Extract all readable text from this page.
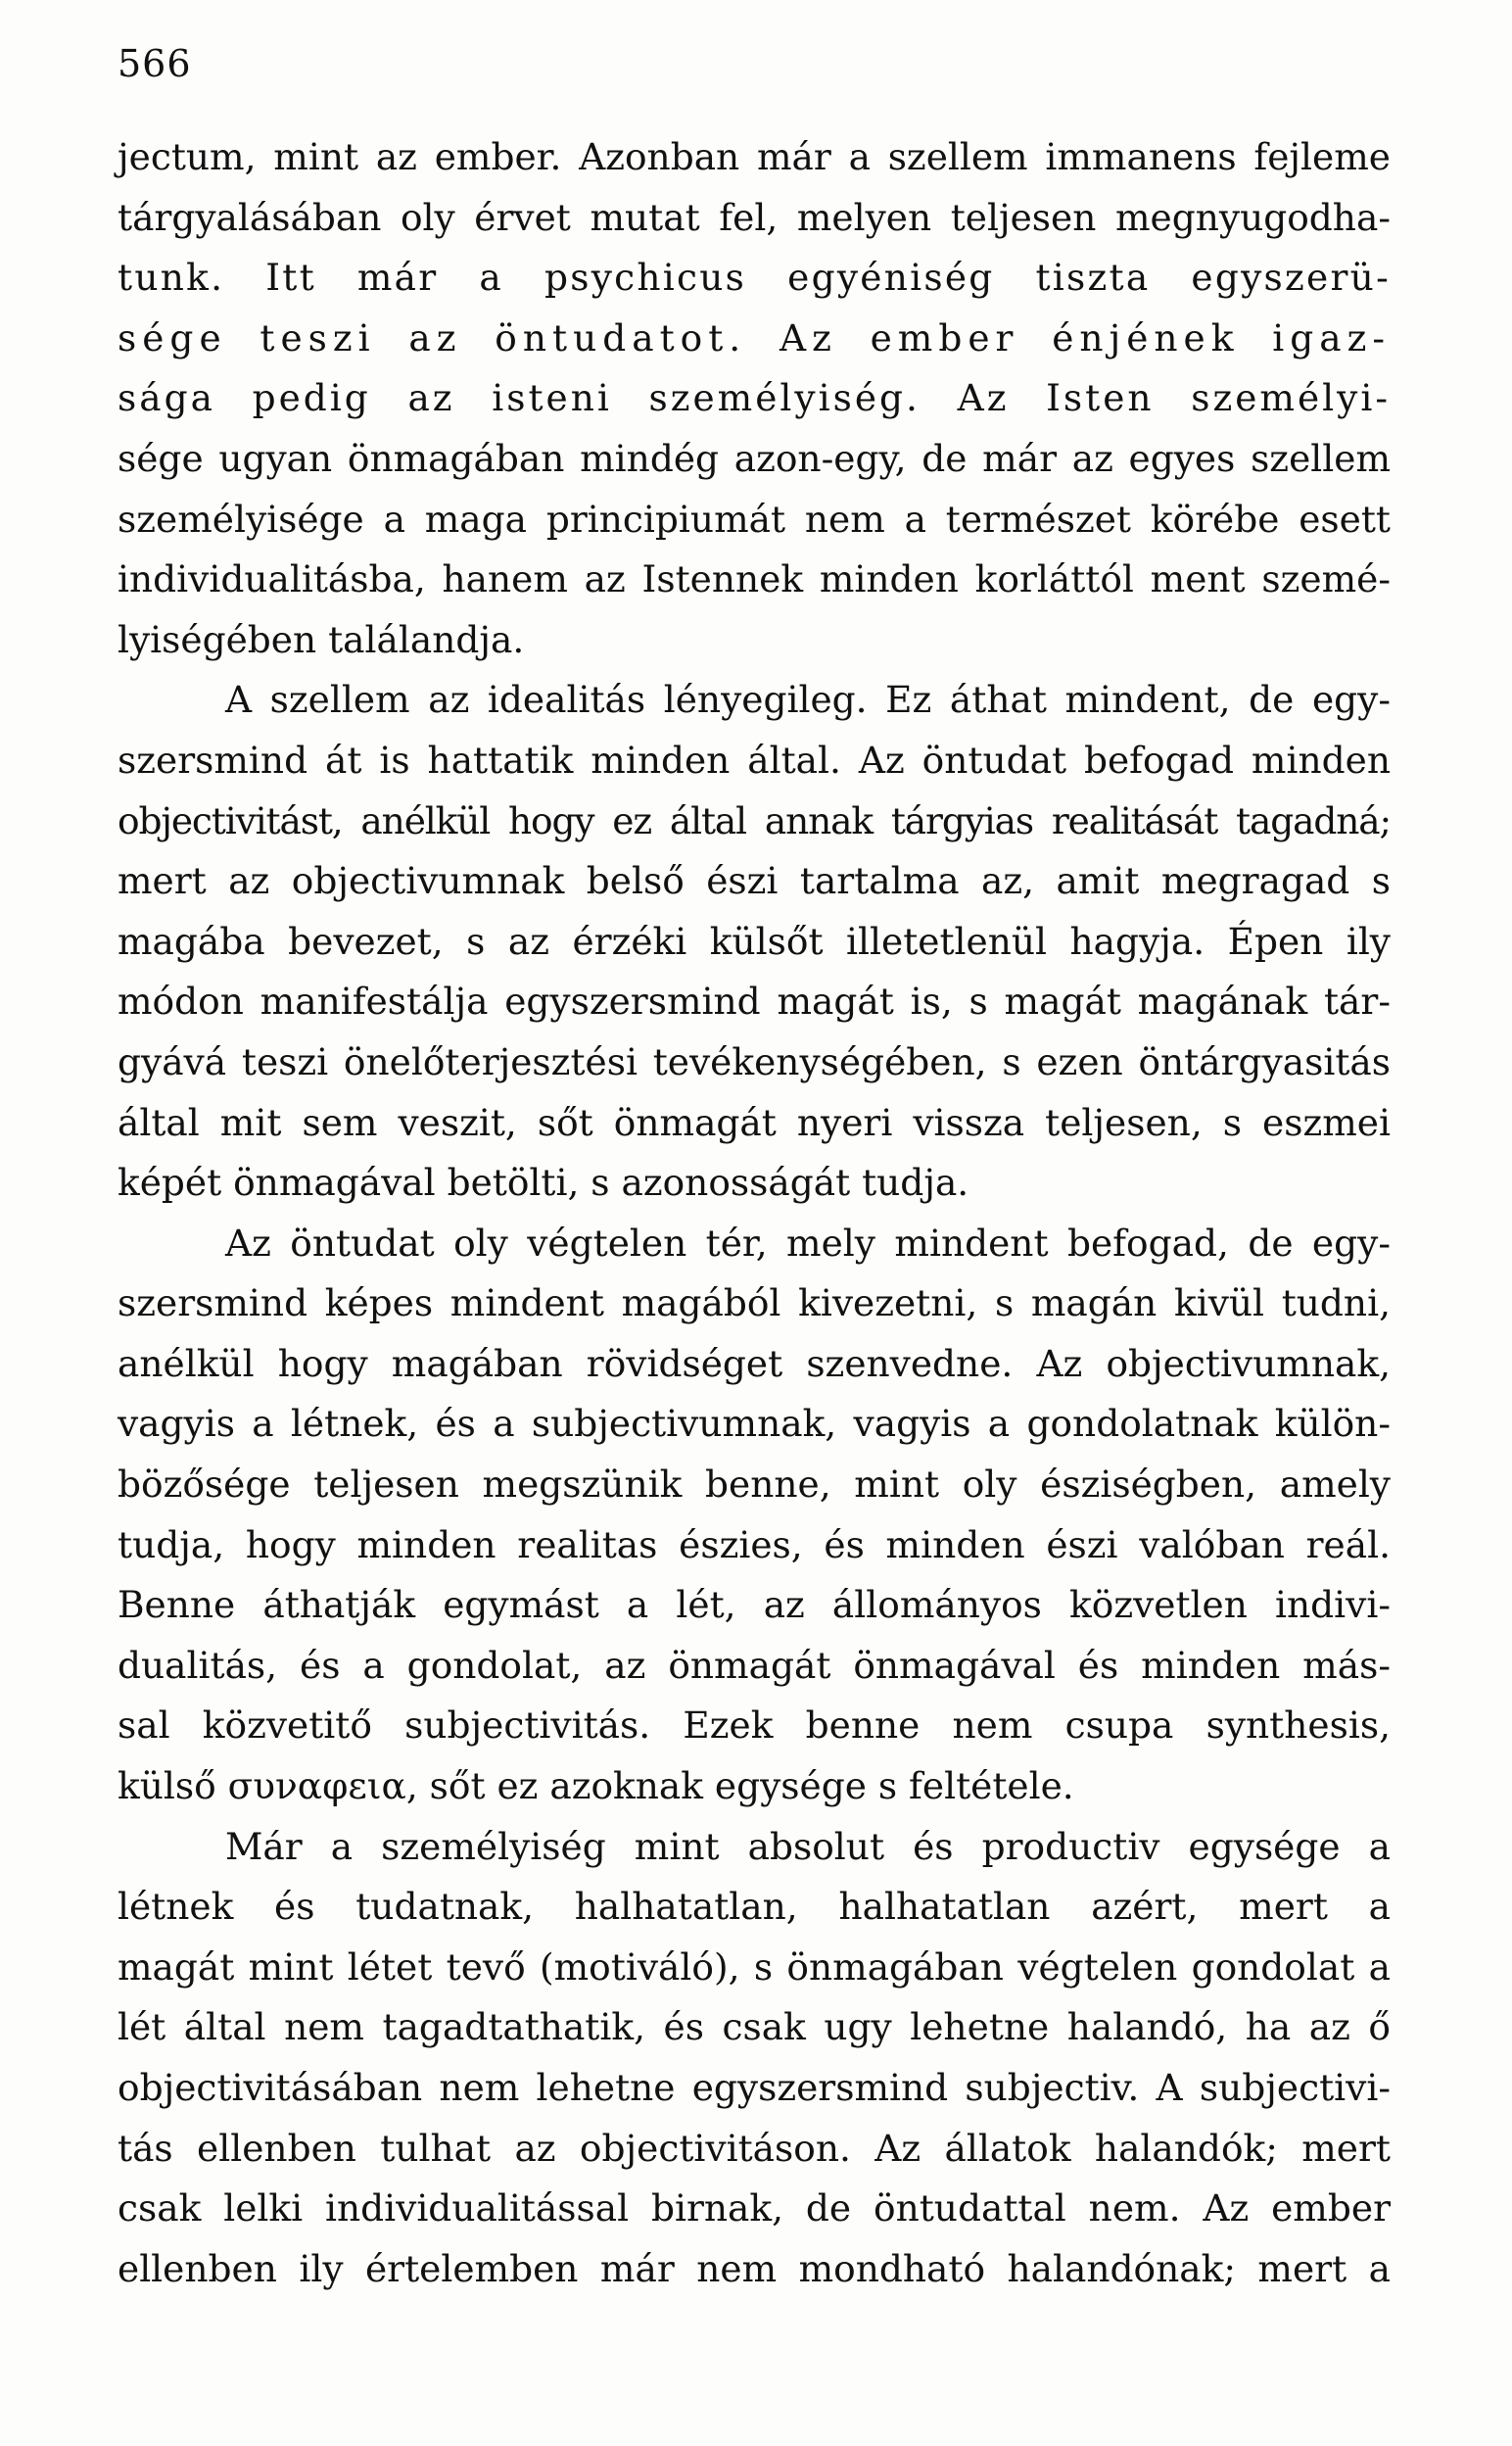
566
jectum, mint az ember. Azonban már a szellem immanens fejleme
tárgyalásában oly érvet mutat fel, melyen teljesen megnyugodha-
tunk. Itt már a psychicus egyéniség tiszta egyszerü-
sége teszi az öntudatot. Az ember énjének igaz-
sága pedig az isteni személyiség. Az Isten személyi-
sége ugyan önmagában mindég azon-egy, de már az egyes szellem
személyisége a maga principiumát nem a természet körébe esett
individualitásba, hanem az Istennek minden korláttól ment szemé-
lyiségében találandja.
A szellem az idealitás lényegileg. Ez áthat mindent, de egy-
szersmind át is hattatik minden által. Az öntudat befogad minden
objectivitást, anélkül hogy ez által annak tárgyias realitását tagadná;
mert az objectivumnak belső észi tartalma az, amit megragad s
magába bevezet, s az érzéki külsőt illetetlenül hagyja. Épen ily
módon manifestálja egyszersmind magát is, s magát magának tár-
gyává teszi önelőterjesztési tevékenységében, s ezen öntárgyasitás
által mit sem veszit, sőt önmagát nyeri vissza teljesen, s eszmei
képét önmagával betölti, s azonosságát tudja.
Az öntudat oly végtelen tér, mely mindent befogad, de egy-
szersmind képes mindent magából kivezetni, s magán kivül tudni,
anélkül hogy magában rövidséget szenvedne. Az objectivumnak,
vagyis a létnek, és a subjectivumnak, vagyis a gondolatnak külön-
bözősége teljesen megszünik benne, mint oly észiségben, amely
tudja, hogy minden realitas észies, és minden észi valóban reál.
Benne áthatják egymást a lét, az állományos közvetlen indivi-
dualitás, és a gondolat, az önmagát önmagával és minden más-
sal közvetitő subjectivitás. Ezek benne nem csupa synthesis,
külső συναφεια, sőt ez azoknak egysége s feltétele.
Már a személyiség mint absolut és productiv egysége a
létnek és tudatnak, halhatatlan, halhatatlan azért, mert a
magát mint létet tevő (motiváló), s önmagában végtelen gondolat a
lét által nem tagadtathatik, és csak ugy lehetne halandó, ha az ő
objectivitásában nem lehetne egyszersmind subjectiv. A subjectivi-
tás ellenben tulhat az objectivitáson. Az állatok halandók; mert
csak lelki individualitással birnak, de öntudattal nem. Az ember
ellenben ily értelemben már nem mondható halandónak; mert a
